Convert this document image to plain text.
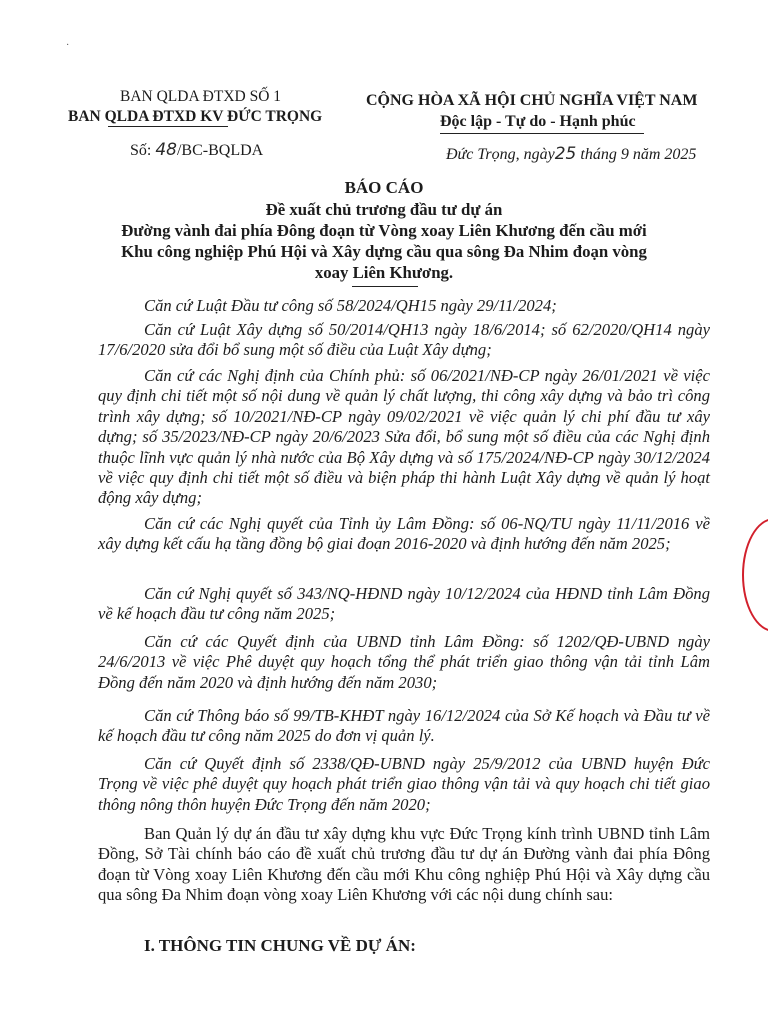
·
BAN QLDA ĐTXD SỐ 1
BAN QLDA ĐTXD KV ĐỨC TRỌNG
Số: 48/BC-BQLDA
CỘNG HÒA XÃ HỘI CHỦ NGHĨA VIỆT NAM
Độc lập - Tự do - Hạnh phúc
Đức Trọng, ngày25 tháng 9 năm 2025
BÁO CÁO
Đề xuất chủ trương đầu tư dự án
Đường vành đai phía Đông đoạn từ Vòng xoay Liên Khương đến cầu mới
Khu công nghiệp Phú Hội và Xây dựng cầu qua sông Đa Nhim đoạn vòng
xoay Liên Khương.
Căn cứ Luật Đầu tư công số 58/2024/QH15 ngày 29/11/2024;
Căn cứ Luật Xây dựng số 50/2014/QH13 ngày 18/6/2014; số 62/2020/QH14 ngày 17/6/2020 sửa đổi bổ sung một số điều của Luật Xây dựng;
Căn cứ các Nghị định của Chính phủ: số 06/2021/NĐ-CP ngày 26/01/2021 về việc quy định chi tiết một số nội dung về quản lý chất lượng, thi công xây dựng và bảo trì công trình xây dựng; số 10/2021/NĐ-CP ngày 09/02/2021 về việc quản lý chi phí đầu tư xây dựng; số 35/2023/NĐ-CP ngày 20/6/2023 Sửa đổi, bổ sung một số điều của các Nghị định thuộc lĩnh vực quản lý nhà nước của Bộ Xây dựng và số 175/2024/NĐ-CP ngày 30/12/2024 về việc quy định chi tiết một số điều và biện pháp thi hành Luật Xây dựng về quản lý hoạt động xây dựng;
Căn cứ các Nghị quyết của Tỉnh ủy Lâm Đồng: số 06-NQ/TU ngày 11/11/2016 về xây dựng kết cấu hạ tầng đồng bộ giai đoạn 2016-2020 và định hướng đến năm 2025;
Căn cứ Nghị quyết số 343/NQ-HĐND ngày 10/12/2024 của HĐND tỉnh Lâm Đồng về kế hoạch đầu tư công năm 2025;
Căn cứ các Quyết định của UBND tỉnh Lâm Đồng: số 1202/QĐ-UBND ngày 24/6/2013 về việc Phê duyệt quy hoạch tổng thể phát triển giao thông vận tải tỉnh Lâm Đồng đến năm 2020 và định hướng đến năm 2030;
Căn cứ Thông báo số 99/TB-KHĐT ngày 16/12/2024 của Sở Kế hoạch và Đầu tư về kế hoạch đầu tư công năm 2025 do đơn vị quản lý.
Căn cứ Quyết định số 2338/QĐ-UBND ngày 25/9/2012 của UBND huyện Đức Trọng về việc phê duyệt quy hoạch phát triển giao thông vận tải và quy hoạch chi tiết giao thông nông thôn huyện Đức Trọng đến năm 2020;
Ban Quản lý dự án đầu tư xây dựng khu vực Đức Trọng kính trình UBND tỉnh Lâm Đồng, Sở Tài chính báo cáo đề xuất chủ trương đầu tư dự án Đường vành đai phía Đông đoạn từ Vòng xoay Liên Khương đến cầu mới Khu công nghiệp Phú Hội và Xây dựng cầu qua sông Đa Nhim đoạn vòng xoay Liên Khương với các nội dung chính sau:
I. THÔNG TIN CHUNG VỀ DỰ ÁN:
